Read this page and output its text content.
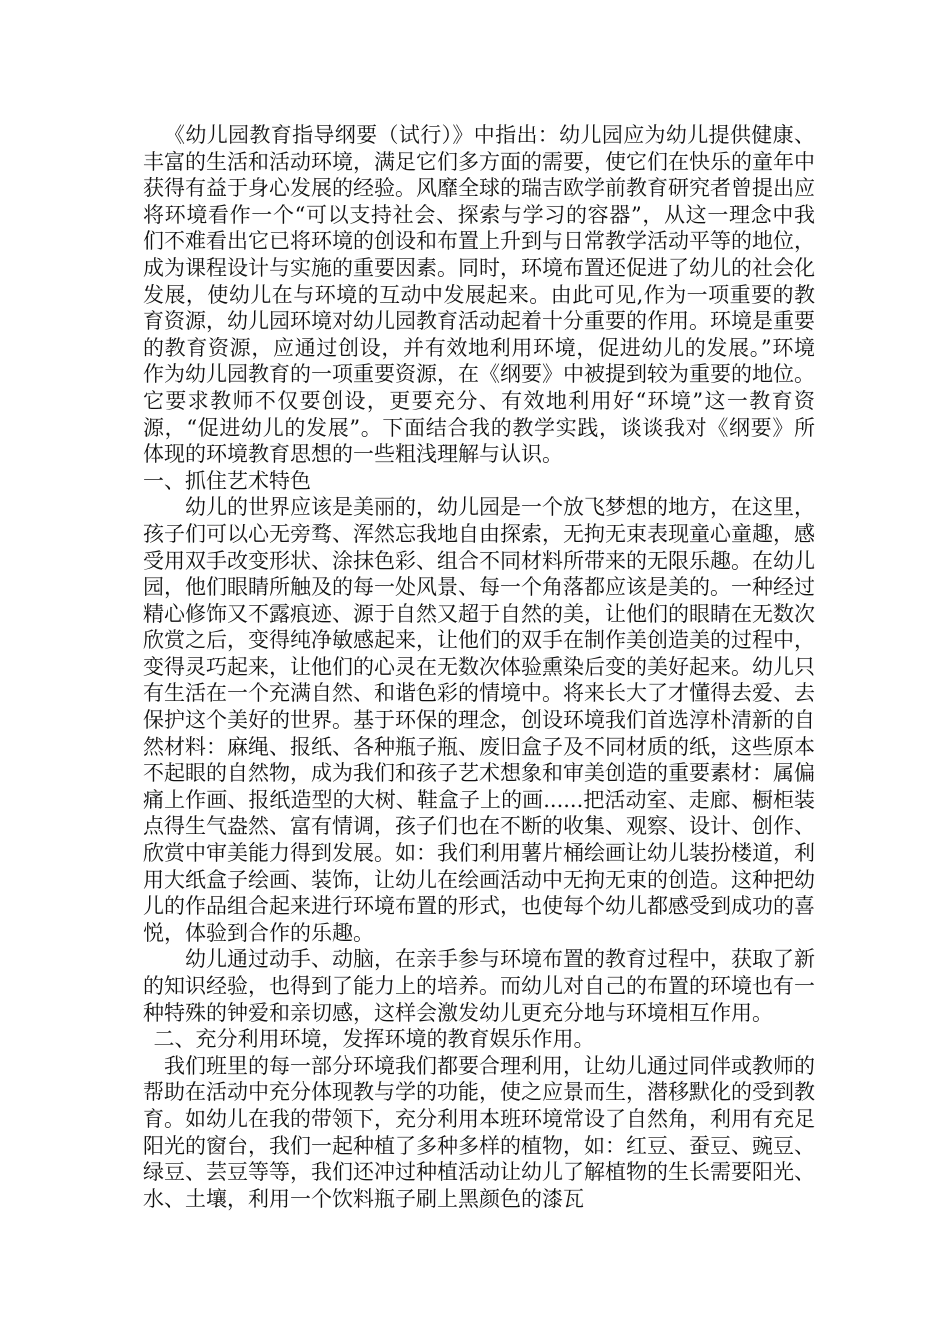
《幼儿园教育指导纲要（试行）》中指出：幼儿园应为幼儿提供健康、丰富的生活和活动环境，满足它们多方面的需要，使它们在快乐的童年中获得有益于身心发展的经验。风靡全球的瑞吉欧学前教育研究者曾提出应将环境看作一个“可以支持社会、探索与学习的容器”，从这一理念中我们不难看出它已将环境的创设和布置上升到与日常教学活动平等的地位，成为课程设计与实施的重要因素。同时，环境布置还促进了幼儿的社会化发展，使幼儿在与环境的互动中发展起来。由此可见,作为一项重要的教育资源，幼儿园环境对幼儿园教育活动起着十分重要的作用。环境是重要的教育资源，应通过创设，并有效地利用环境，促进幼儿的发展。”环境作为幼儿园教育的一项重要资源，在《纲要》中被提到较为重要的地位。它要求教师不仅要创设，更要充分、有效地利用好“环境”这一教育资源，“促进幼儿的发展”。下面结合我的教学实践，谈谈我对《纲要》所体现的环境教育思想的一些粗浅理解与认识。

一、抓住艺术特色

幼儿的世界应该是美丽的，幼儿园是一个放飞梦想的地方，在这里，孩子们可以心无旁骛、浑然忘我地自由探索，无拘无束表现童心童趣，感受用双手改变形状、涂抹色彩、组合不同材料所带来的无限乐趣。在幼儿园，他们眼睛所触及的每一处风景、每一个角落都应该是美的。一种经过精心修饰又不露痕迹、源于自然又超于自然的美，让他们的眼睛在无数次欣赏之后，变得纯净敏感起来，让他们的双手在制作美创造美的过程中，变得灵巧起来，让他们的心灵在无数次体验熏染后变的美好起来。幼儿只有生活在一个充满自然、和谐色彩的情境中。将来长大了才懂得去爱、去保护这个美好的世界。基于环保的理念，创设环境我们首选淳朴清新的自然材料：麻绳、报纸、各种瓶子瓶、废旧盒子及不同材质的纸，这些原本不起眼的自然物，成为我们和孩子艺术想象和审美创造的重要素材：属偏痛上作画、报纸造型的大树、鞋盒子上的画......把活动室、走廊、橱柜装点得生气盎然、富有情调，孩子们也在不断的收集、观察、设计、创作、欣赏中审美能力得到发展。如：我们利用薯片桶绘画让幼儿装扮楼道，利用大纸盒子绘画、装饰，让幼儿在绘画活动中无拘无束的创造。这种把幼儿的作品组合起来进行环境布置的形式，也使每个幼儿都感受到成功的喜悦，体验到合作的乐趣。

幼儿通过动手、动脑，在亲手参与环境布置的教育过程中，获取了新的知识经验，也得到了能力上的培养。而幼儿对自己的布置的环境也有一种特殊的钟爱和亲切感，这样会激发幼儿更充分地与环境相互作用。

二、充分利用环境，发挥环境的教育娱乐作用。

我们班里的每一部分环境我们都要合理利用，让幼儿通过同伴或教师的帮助在活动中充分体现教与学的功能，使之应景而生，潜移默化的受到教育。如幼儿在我的带领下，充分利用本班环境常设了自然角，利用有充足阳光的窗台，我们一起种植了多种多样的植物，如：红豆、蚕豆、豌豆、绿豆、芸豆等等，我们还冲过种植活动让幼儿了解植物的生长需要阳光、水、土壤，利用一个饮料瓶子刷上黑颜色的漆瓦
